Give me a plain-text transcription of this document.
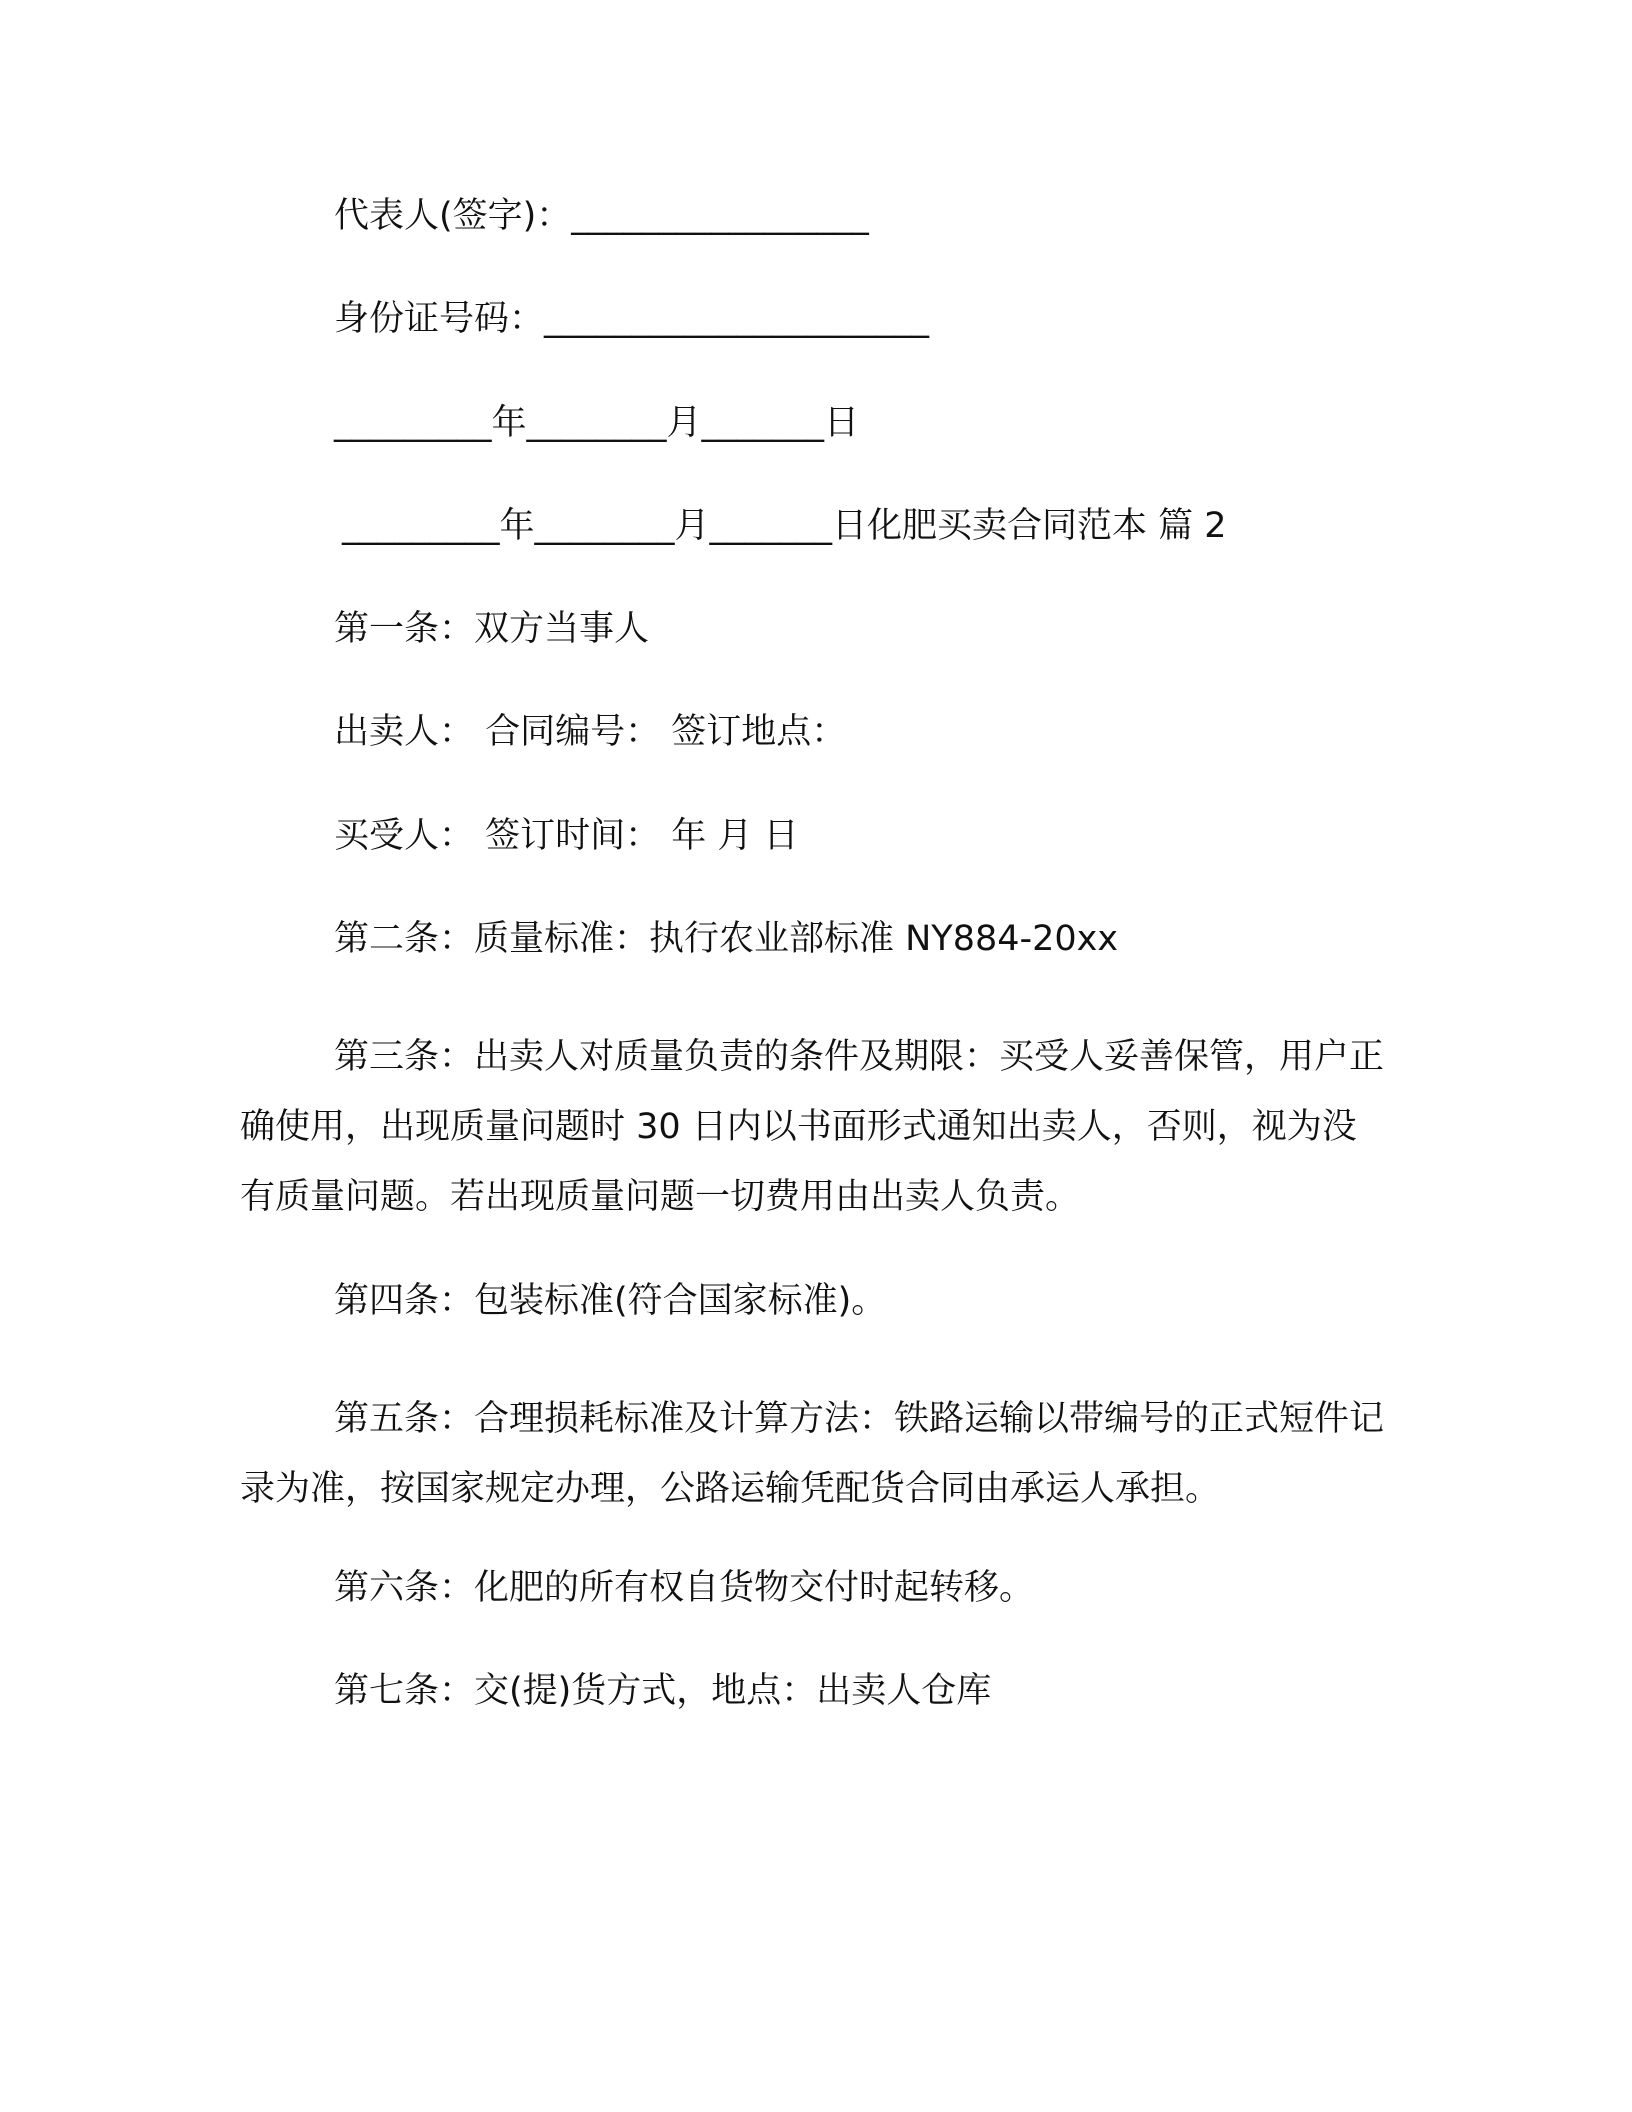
代表人(签字)：_________________
身份证号码：______________________
_________年________月_______日
_________年________月_______日化肥买卖合同范本 篇 2
第一条：双方当事人
出卖人： 合同编号： 签订地点：
买受人： 签订时间： 年 月 日
第二条：质量标准：执行农业部标准 NY884-20xx
第三条：出卖人对质量负责的条件及期限：买受人妥善保管，用户正确使用，出现质量问题时 30 日内以书面形式通知出卖人，否则，视为没有质量问题。若出现质量问题一切费用由出卖人负责。
第四条：包装标准(符合国家标准)。
第五条：合理损耗标准及计算方法：铁路运输以带编号的正式短件记录为准，按国家规定办理，公路运输凭配货合同由承运人承担。
第六条：化肥的所有权自货物交付时起转移。
第七条：交(提)货方式，地点：出卖人仓库
